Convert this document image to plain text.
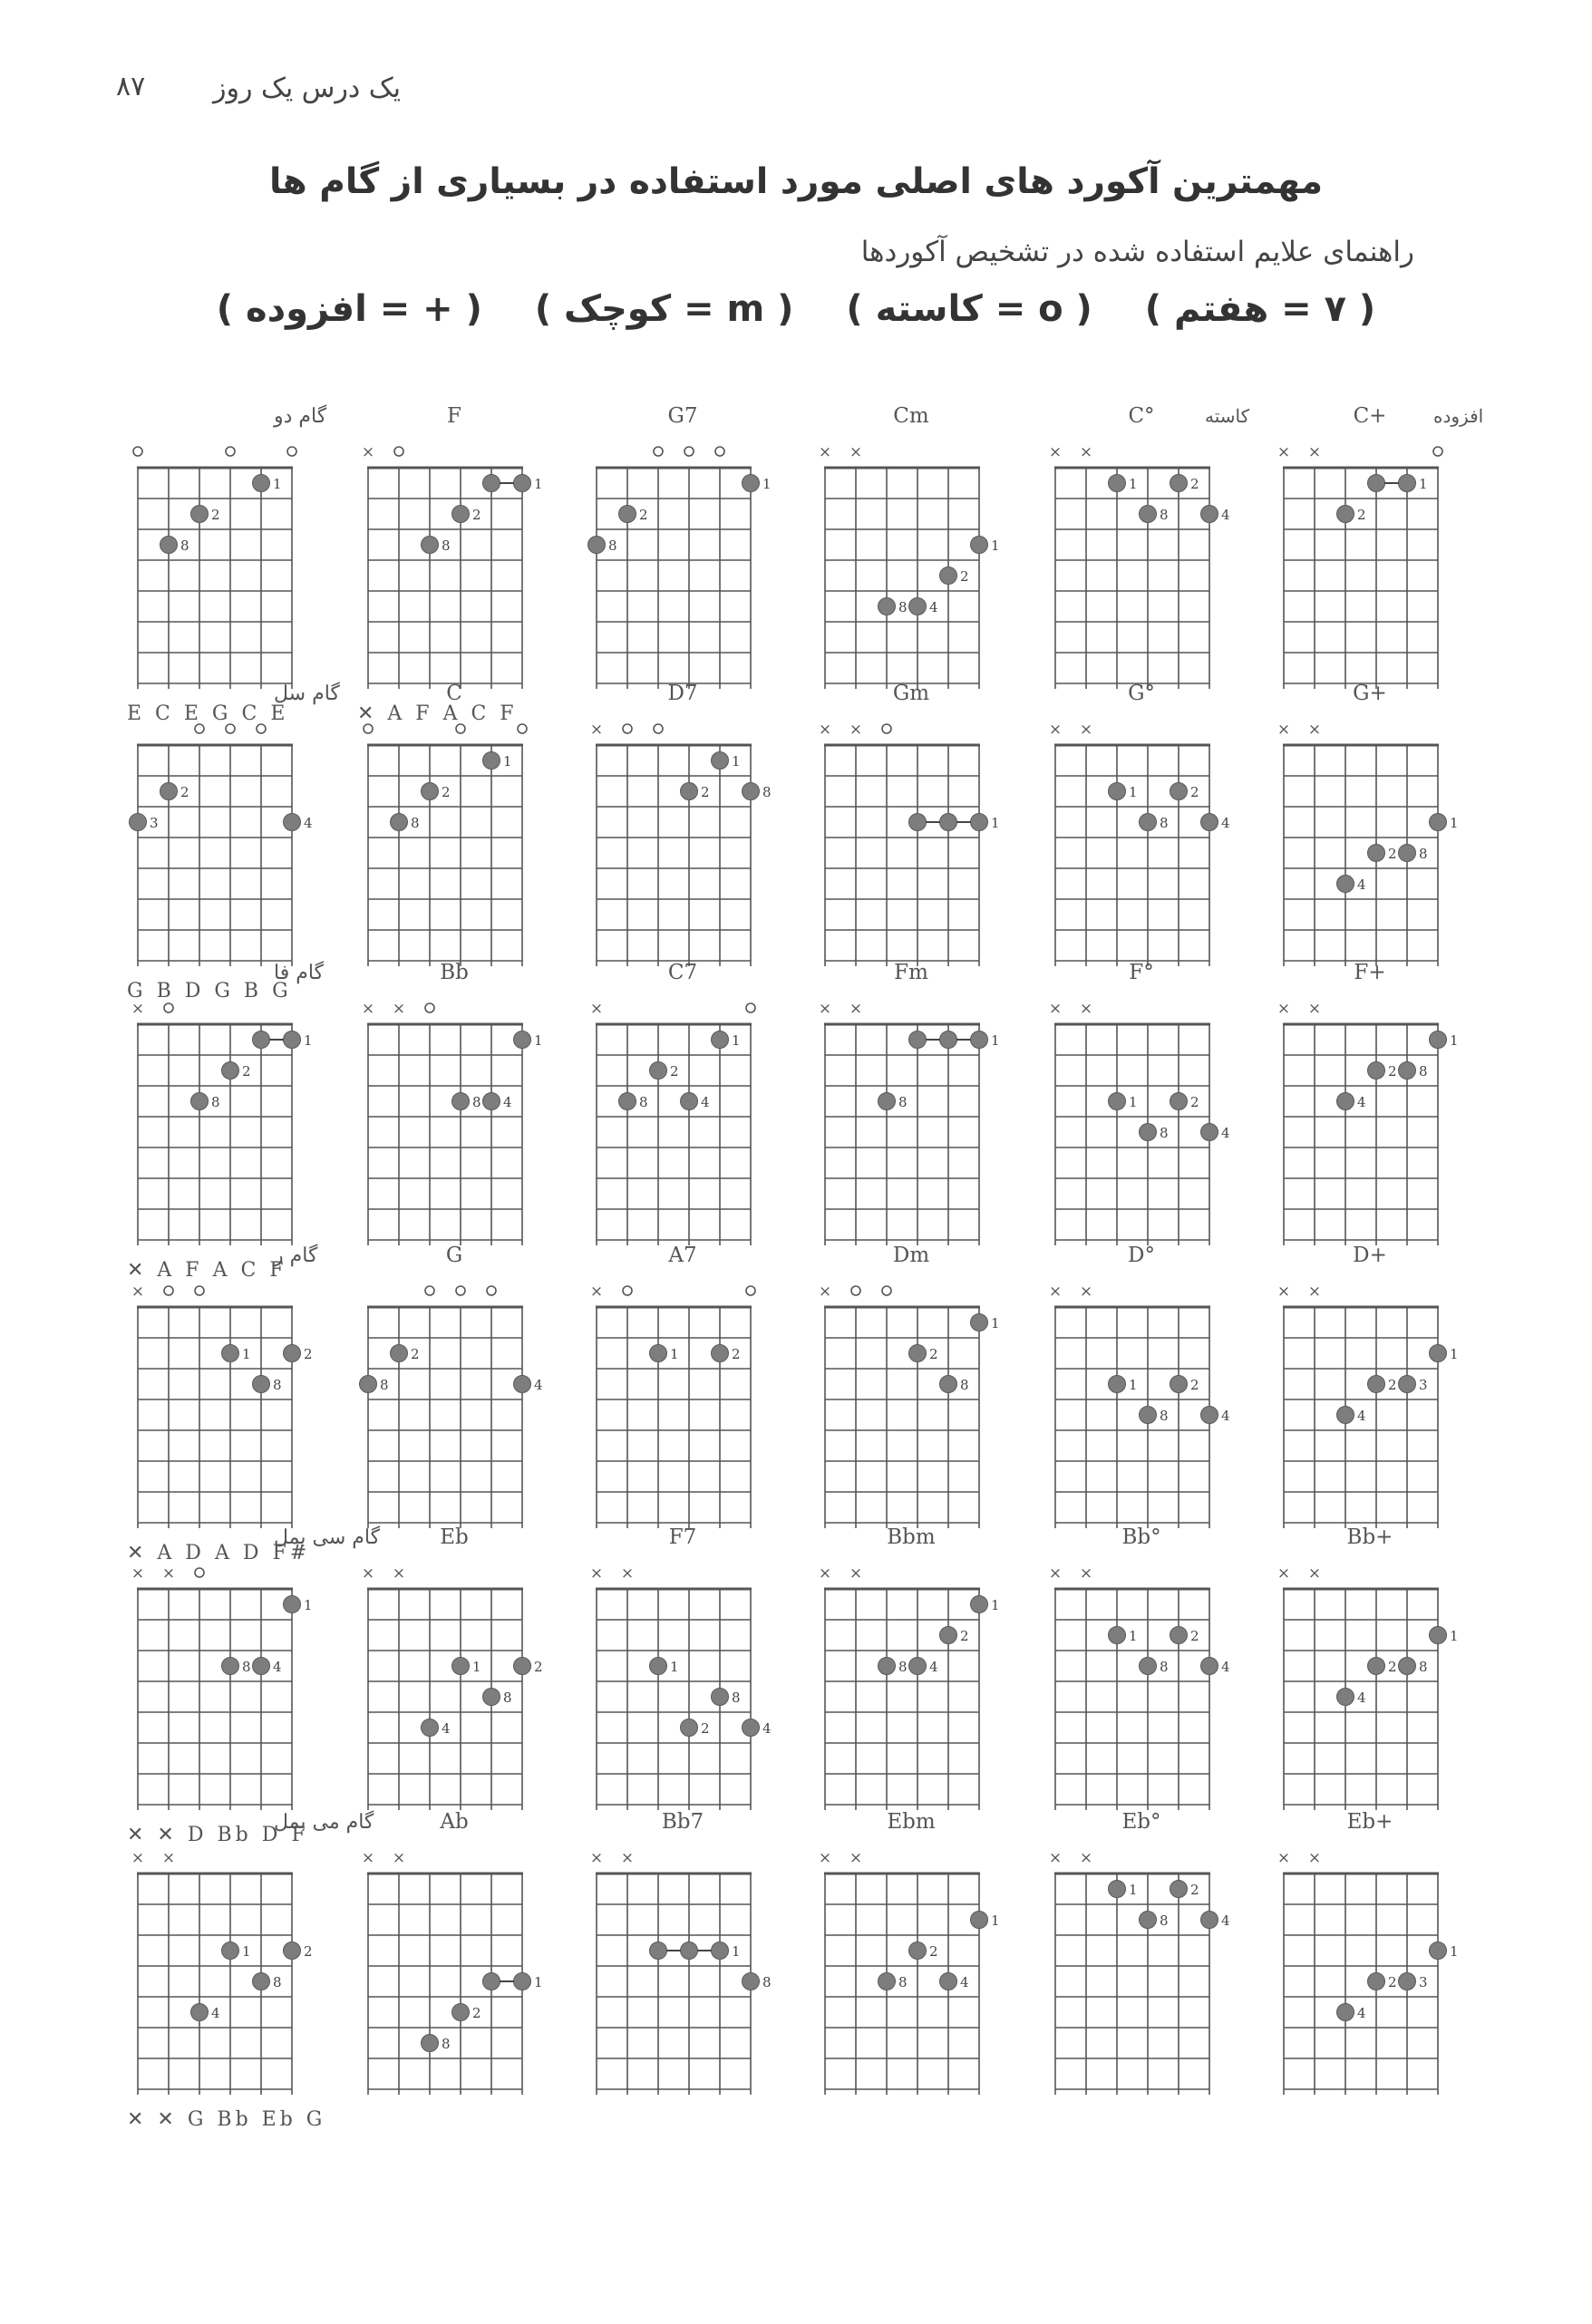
۸۷ یک درس یک روز
مهمترین آکورد های اصلی مورد استفاده در بسیاری از گام ها
راهنمای علایم استفاده شده در تشخیص آکوردها
( ۷ = هفتم ) ( o = کاسته ) ( m = کوچک ) ( + = افزوده )
گام دو
1
2
8
E C E G C E
F
×
1
2
8
✕ A F A C F
G7
1
2
8
Cm
× ×
1
2
8 4
C°	کاسته
× ×
1	2
8	4
C+	افزوده
× ×
1
2
گام سل
2
3	4
G B D G B G
C
1
2
8
D7
×
1
2	8
Gm
× ×
1
G°
× ×
1	2
8	4
G+
× ×
1
2 8
4
گام فا
×
1
2
8
✕ A F A C F
Bb
× ×
1
8 4
C7
×
1
2
8	4
Fm
× ×
1
8
F°
× ×
1	2
8	4
F+
× ×
1
2 8
4
گام ر
×
1	2
8
✕ A D A D F#
G
2
8	4
A7
×
1	2
Dm
×
1
2
8
D°
× ×
1	2
8	4
D+
× ×
1
2 3
4
گام سی بمل
× ×
1
8 4
✕ ✕ D Bb D F
Eb
× ×
1	2
8
4
F7
× ×
1
8
2	4
Bbm
× ×
1
2
8 4
Bb°
× ×
1	2
8	4
Bb+
× ×
1
2 8
4
گام می بمل
× ×
1	2
8
4
✕ ✕ G Bb Eb G
Ab
× ×
1
2
8
Bb7
× ×
1
8
Ebm
× ×
1
2
8	4
Eb°
× ×
1	2
8	4
Eb+
× ×
1
2 3
4
